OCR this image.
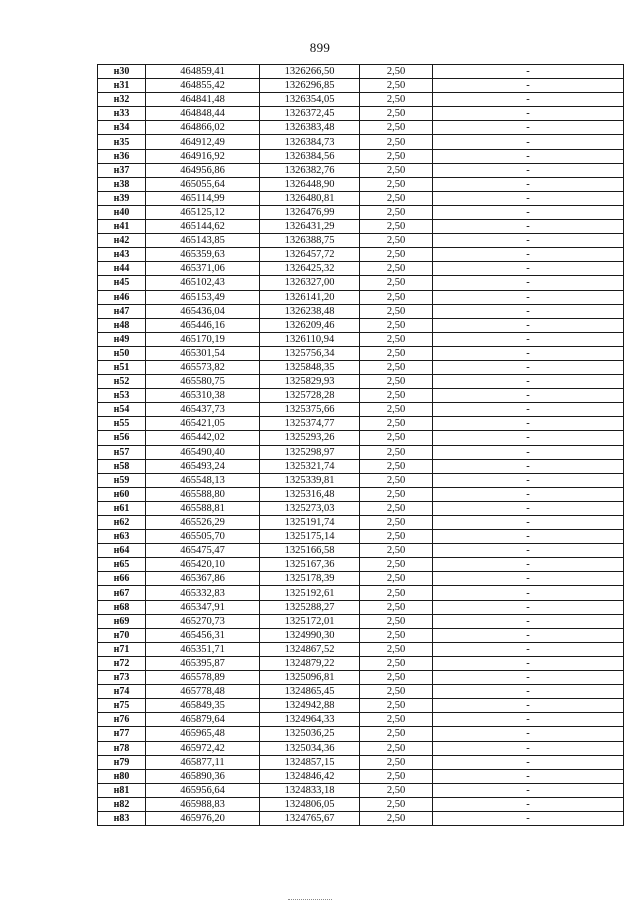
899
н30	464859,41	1326266,50	2,50	-
н31	464855,42	1326296,85	2,50	-
н32	464841,48	1326354,05	2,50	-
н33	464848,44	1326372,45	2,50	-
н34	464866,02	1326383,48	2,50	-
н35	464912,49	1326384,73	2,50	-
н36	464916,92	1326384,56	2,50	-
н37	464956,86	1326382,76	2,50	-
н38	465055,64	1326448,90	2,50	-
н39	465114,99	1326480,81	2,50	-
н40	465125,12	1326476,99	2,50	-
н41	465144,62	1326431,29	2,50	-
н42	465143,85	1326388,75	2,50	-
н43	465359,63	1326457,72	2,50	-
н44	465371,06	1326425,32	2,50	-
н45	465102,43	1326327,00	2,50	-
н46	465153,49	1326141,20	2,50	-
н47	465436,04	1326238,48	2,50	-
н48	465446,16	1326209,46	2,50	-
н49	465170,19	1326110,94	2,50	-
н50	465301,54	1325756,34	2,50	-
н51	465573,82	1325848,35	2,50	-
н52	465580,75	1325829,93	2,50	-
н53	465310,38	1325728,28	2,50	-
н54	465437,73	1325375,66	2,50	-
н55	465421,05	1325374,77	2,50	-
н56	465442,02	1325293,26	2,50	-
н57	465490,40	1325298,97	2,50	-
н58	465493,24	1325321,74	2,50	-
н59	465548,13	1325339,81	2,50	-
н60	465588,80	1325316,48	2,50	-
н61	465588,81	1325273,03	2,50	-
н62	465526,29	1325191,74	2,50	-
н63	465505,70	1325175,14	2,50	-
н64	465475,47	1325166,58	2,50	-
н65	465420,10	1325167,36	2,50	-
н66	465367,86	1325178,39	2,50	-
н67	465332,83	1325192,61	2,50	-
н68	465347,91	1325288,27	2,50	-
н69	465270,73	1325172,01	2,50	-
н70	465456,31	1324990,30	2,50	-
н71	465351,71	1324867,52	2,50	-
н72	465395,87	1324879,22	2,50	-
н73	465578,89	1325096,81	2,50	-
н74	465778,48	1324865,45	2,50	-
н75	465849,35	1324942,88	2,50	-
н76	465879,64	1324964,33	2,50	-
н77	465965,48	1325036,25	2,50	-
н78	465972,42	1325034,36	2,50	-
н79	465877,11	1324857,15	2,50	-
н80	465890,36	1324846,42	2,50	-
н81	465956,64	1324833,18	2,50	-
н82	465988,83	1324806,05	2,50	-
н83	465976,20	1324765,67	2,50	-
